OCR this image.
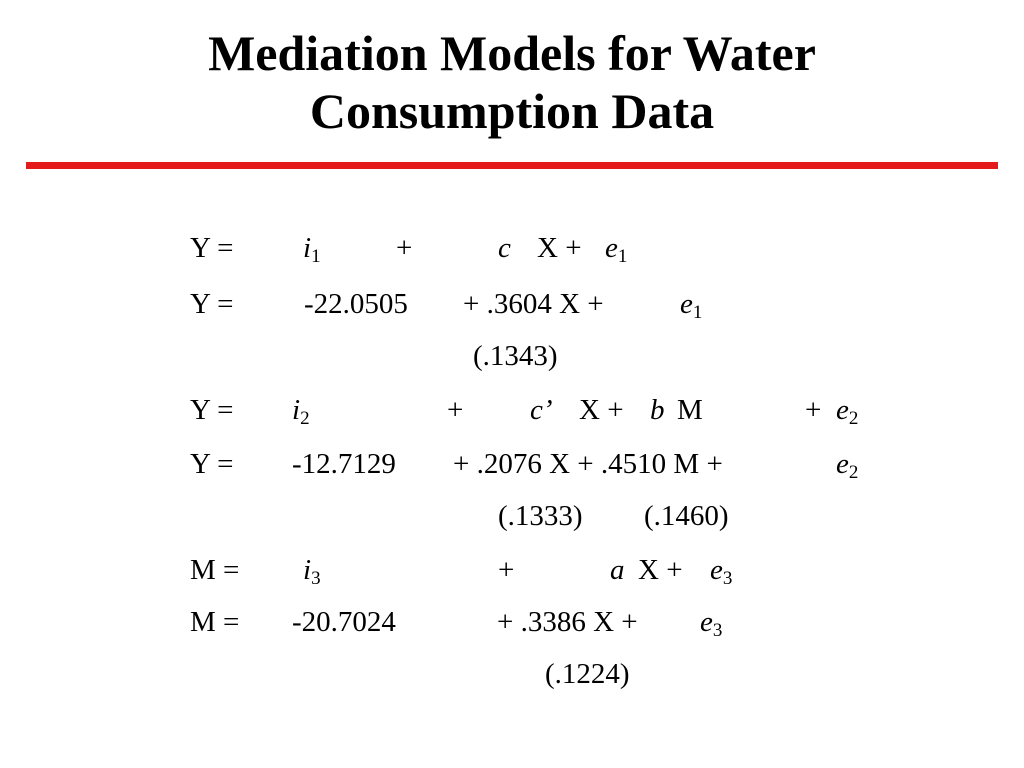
Mediation Models for Water
Consumption Data
$Y = i_1$	+	c $X + e_1$
Y = -22.0505 + .3604 X +	$e_1$
(.1343)
$Y = i_2$	+ c’ X + b M	+ $e_2$
Y = -12.7129 + .2076 X + .4510 M +	$e_2$
(.1333) (.1460)
$M = i_3$	+	a $X + e_3$
M = -20.7024	+ .3386 $X + e_3$
(.1224)
